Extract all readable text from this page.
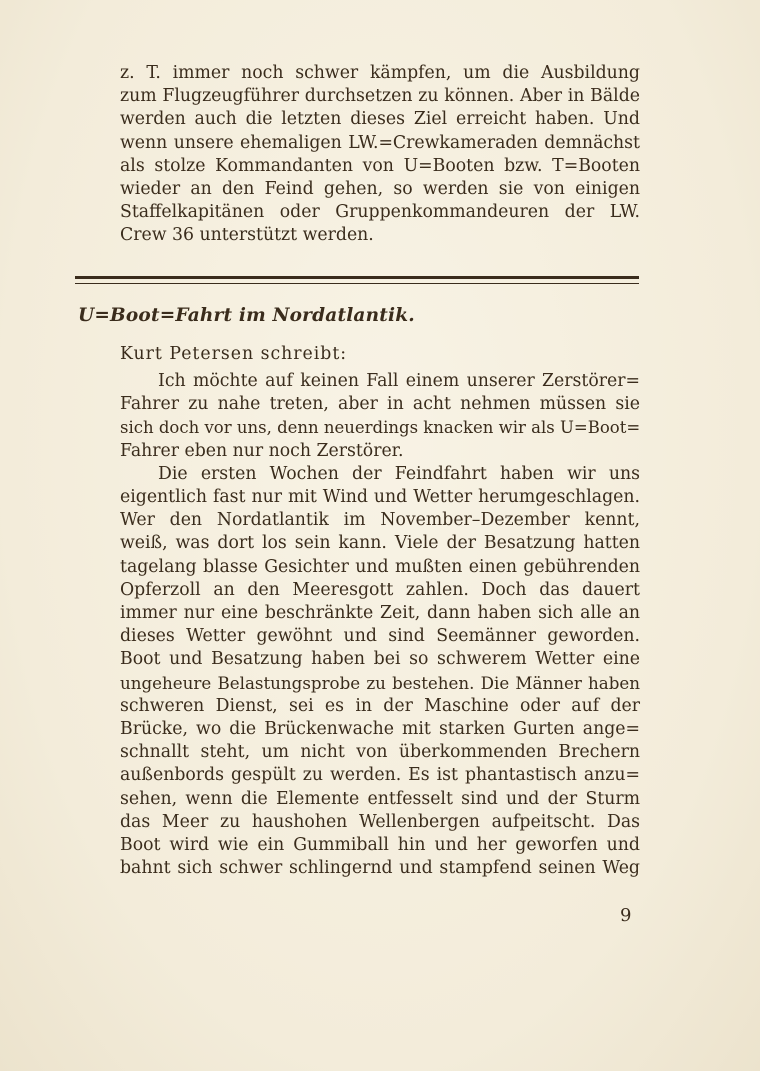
z. T. immer noch schwer kämpfen, um die Ausbildung
zum Flugzeugführer durchsetzen zu können. Aber in Bälde
werden auch die letzten dieses Ziel erreicht haben. Und
wenn unsere ehemaligen LW.=Crewkameraden demnächst
als stolze Kommandanten von U=Booten bzw. T=Booten
wieder an den Feind gehen, so werden sie von einigen
Staffelkapitänen oder Gruppenkommandeuren der LW.
Crew 36 unterstützt werden.
U=Boot=Fahrt im Nordatlantik.
Kurt Petersen schreibt:
Ich möchte auf keinen Fall einem unserer Zerstörer=
Fahrer zu nahe treten, aber in acht nehmen müssen sie
sich doch vor uns, denn neuerdings knacken wir als U=Boot=
Fahrer eben nur noch Zerstörer.
Die ersten Wochen der Feindfahrt haben wir uns
eigentlich fast nur mit Wind und Wetter herumgeschlagen.
Wer den Nordatlantik im November–Dezember kennt,
weiß, was dort los sein kann. Viele der Besatzung hatten
tagelang blasse Gesichter und mußten einen gebührenden
Opferzoll an den Meeresgott zahlen. Doch das dauert
immer nur eine beschränkte Zeit, dann haben sich alle an
dieses Wetter gewöhnt und sind Seemänner geworden.
Boot und Besatzung haben bei so schwerem Wetter eine
ungeheure Belastungsprobe zu bestehen. Die Männer haben
schweren Dienst, sei es in der Maschine oder auf der
Brücke, wo die Brückenwache mit starken Gurten ange=
schnallt steht, um nicht von überkommenden Brechern
außenbords gespült zu werden. Es ist phantastisch anzu=
sehen, wenn die Elemente entfesselt sind und der Sturm
das Meer zu haushohen Wellenbergen aufpeitscht. Das
Boot wird wie ein Gummiball hin und her geworfen und
bahnt sich schwer schlingernd und stampfend seinen Weg
9
